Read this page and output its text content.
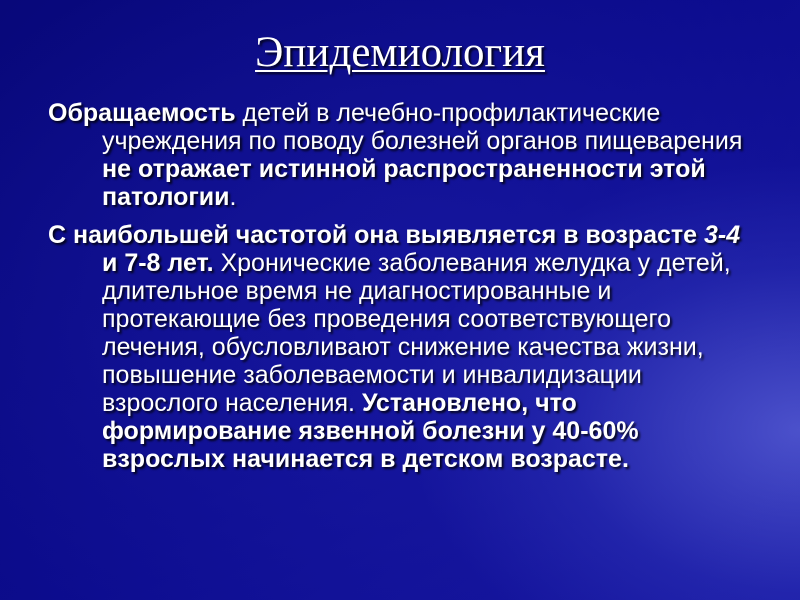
Эпидемиология

Обращаемость детей в лечебно-профилактические учреждения по поводу болезней органов пищеварения не отражает истинной распространенности этой патологии.

С наибольшей частотой она выявляется в возрасте 3-4 и 7-8 лет. Хронические заболевания желудка у детей, длительное время не диагностированные и протекающие без проведения соответствующего лечения, обусловливают снижение качества жизни, повышение заболеваемости и инвалидизации взрослого населения. Установлено, что формирование язвенной болезни у 40-60% взрослых начинается в детском возрасте.
